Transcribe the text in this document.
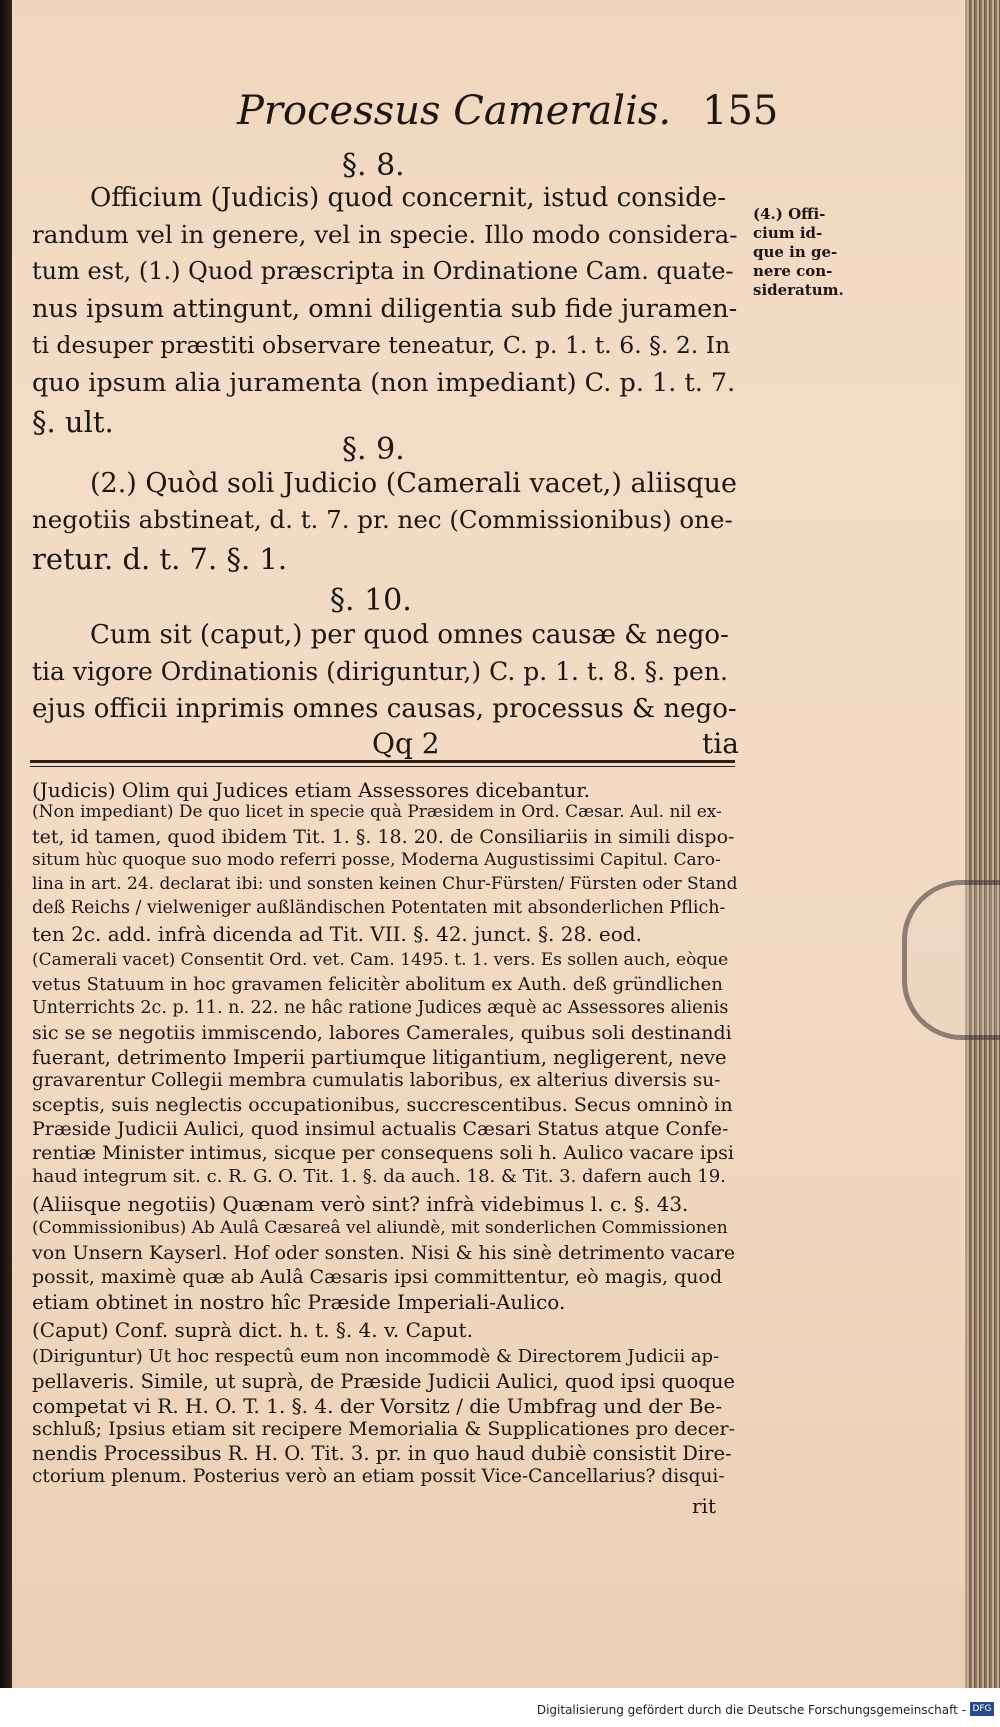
Processus Cameralis. 155
§. 8.
Officium (Judicis) quod concernit, istud conside-
randum vel in genere, vel in specie. Illo modo considera-
tum est, (1.) Quod præscripta in Ordinatione Cam. quate-
nus ipsum attingunt, omni diligentia sub fide juramen-
ti desuper præstiti observare teneatur, C. p. 1. t. 6. §. 2. In
quo ipsum alia juramenta (non impediant) C. p. 1. t. 7.
§. ult.
(4.) Offi-
cium id-
que in ge-
nere con-
sideratum.
§. 9.
(2.) Quòd soli Judicio (Camerali vacet,) aliisque
negotiis abstineat, d. t. 7. pr. nec (Commissionibus) one-
retur. d. t. 7. §. 1.
§. 10.
Cum sit (caput,) per quod omnes causæ & nego-
tia vigore Ordinationis (diriguntur,) C. p. 1. t. 8. §. pen.
ejus officii inprimis omnes causas, processus & nego-
Qq 2	tia
(Judicis) Olim qui Judices etiam Assessores dicebantur.
(Non impediant) De quo licet in specie quà Præsidem in Ord. Cæsar. Aul. nil ex-
tet, id tamen, quod ibidem Tit. 1. §. 18. 20. de Consiliariis in simili dispo-
situm hùc quoque suo modo referri posse, Moderna Augustissimi Capitul. Caro-
lina in art. 24. declarat ibi: und sonsten keinen Chur-Fürsten/ Fürsten oder Stand
deß Reichs / vielweniger außländischen Potentaten mit absonderlichen Pflich-
ten 2c. add. infrà dicenda ad Tit. VII. §. 42. junct. §. 28. eod.
(Camerali vacet) Consentit Ord. vet. Cam. 1495. t. 1. vers. Es sollen auch, eòque
vetus Statuum in hoc gravamen felicitèr abolitum ex Auth. deß gründlichen
Unterrichts 2c. p. 11. n. 22. ne hâc ratione Judices æquè ac Assessores alienis
sic se se negotiis immiscendo, labores Camerales, quibus soli destinandi
fuerant, detrimento Imperii partiumque litigantium, negligerent, neve
gravarentur Collegii membra cumulatis laboribus, ex alterius diversis su-
sceptis, suis neglectis occupationibus, succrescentibus. Secus omninò in
Præside Judicii Aulici, quod insimul actualis Cæsari Status atque Confe-
rentiæ Minister intimus, sicque per consequens soli h. Aulico vacare ipsi
haud integrum sit. c. R. G. O. Tit. 1. §. da auch. 18. & Tit. 3. dafern auch 19.
(Aliisque negotiis) Quænam verò sint? infrà videbimus l. c. §. 43.
(Commissionibus) Ab Aulâ Cæsareâ vel aliundè, mit sonderlichen Commissionen
von Unsern Kayserl. Hof oder sonsten. Nisi & his sinè detrimento vacare
possit, maximè quæ ab Aulâ Cæsaris ipsi committentur, eò magis, quod
etiam obtinet in nostro hîc Præside Imperiali-Aulico.
(Caput) Conf. suprà dict. h. t. §. 4. v. Caput.
(Diriguntur) Ut hoc respectû eum non incommodè & Directorem Judicii ap-
pellaveris. Simile, ut suprà, de Præside Judicii Aulici, quod ipsi quoque
competat vi R. H. O. T. 1. §. 4. der Vorsitz / die Umbfrag und der Be-
schluß; Ipsius etiam sit recipere Memorialia & Supplicationes pro decer-
nendis Processibus R. H. O. Tit. 3. pr. in quo haud dubiè consistit Dire-
ctorium plenum. Posterius verò an etiam possit Vice-Cancellarius? disqui-
rit
Digitalisierung gefördert durch die Deutsche Forschungsgemeinschaft - DFG
